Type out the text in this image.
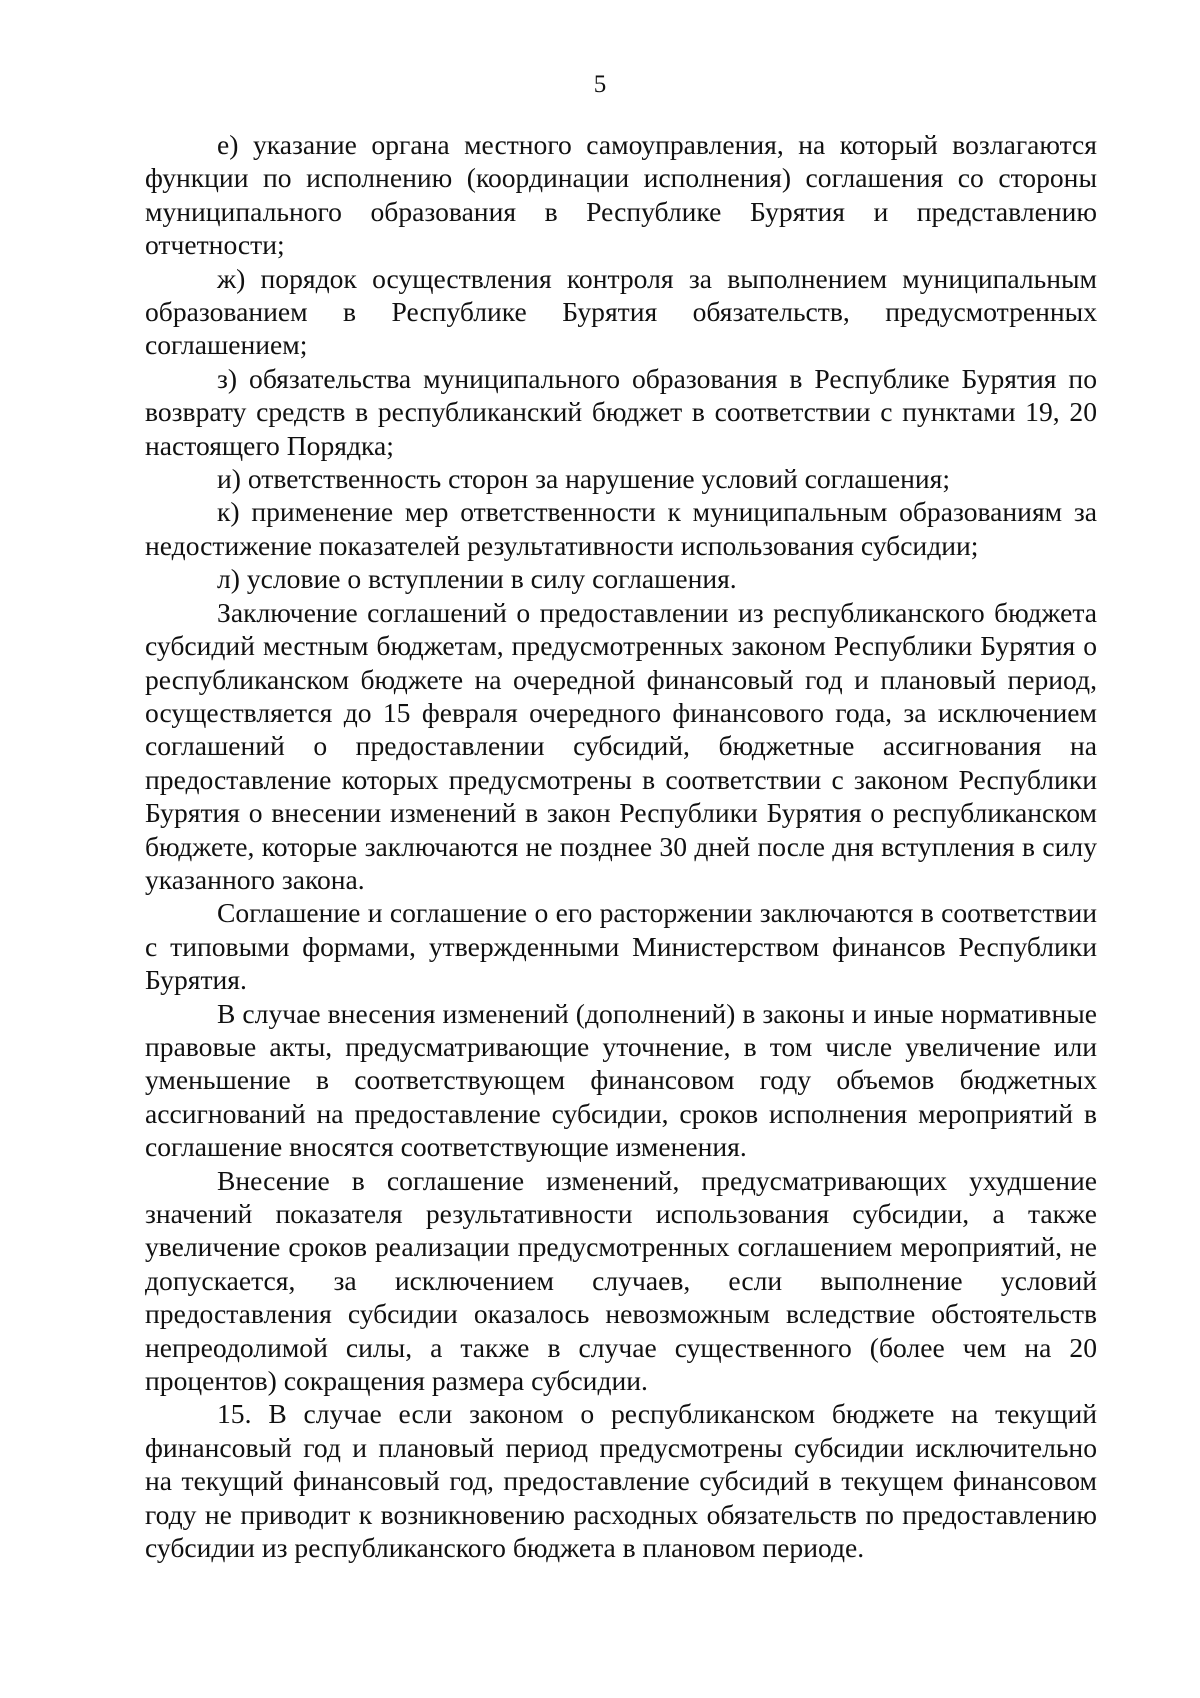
5

е) указание органа местного самоуправления, на который возлагаются функции по исполнению (координации исполнения) соглашения со стороны муниципального образования в Республике Бурятия и представлению отчетности;

ж) порядок осуществления контроля за выполнением муниципальным образованием в Республике Бурятия обязательств, предусмотренных соглашением;

з) обязательства муниципального образования в Республике Бурятия по возврату средств в республиканский бюджет в соответствии с пунктами 19, 20 настоящего Порядка;

и) ответственность сторон за нарушение условий соглашения;

к) применение мер ответственности к муниципальным образованиям за недостижение показателей результативности использования субсидии;

л) условие о вступлении в силу соглашения.

Заключение соглашений о предоставлении из республиканского бюджета субсидий местным бюджетам, предусмотренных законом Республики Бурятия о республиканском бюджете на очередной финансовый год и плановый период, осуществляется до 15 февраля очередного финансового года, за исключением соглашений о предоставлении субсидий, бюджетные ассигнования на предоставление которых предусмотрены в соответствии с законом Республики Бурятия о внесении изменений в закон Республики Бурятия о республиканском бюджете, которые заключаются не позднее 30 дней после дня вступления в силу указанного закона.

Соглашение и соглашение о его расторжении заключаются в соответствии с типовыми формами, утвержденными Министерством финансов Республики Бурятия.

В случае внесения изменений (дополнений) в законы и иные нормативные правовые акты, предусматривающие уточнение, в том числе увеличение или уменьшение в соответствующем финансовом году объемов бюджетных ассигнований на предоставление субсидии, сроков исполнения мероприятий в соглашение вносятся соответствующие изменения.

Внесение в соглашение изменений, предусматривающих ухудшение значений показателя результативности использования субсидии, а также увеличение сроков реализации предусмотренных соглашением мероприятий, не допускается, за исключением случаев, если выполнение условий предоставления субсидии оказалось невозможным вследствие обстоятельств непреодолимой силы, а также в случае существенного (более чем на 20 процентов) сокращения размера субсидии.

15. В случае если законом о республиканском бюджете на текущий финансовый год и плановый период предусмотрены субсидии исключительно на текущий финансовый год, предоставление субсидий в текущем финансовом году не приводит к возникновению расходных обязательств по предоставлению субсидии из республиканского бюджета в плановом периоде.
